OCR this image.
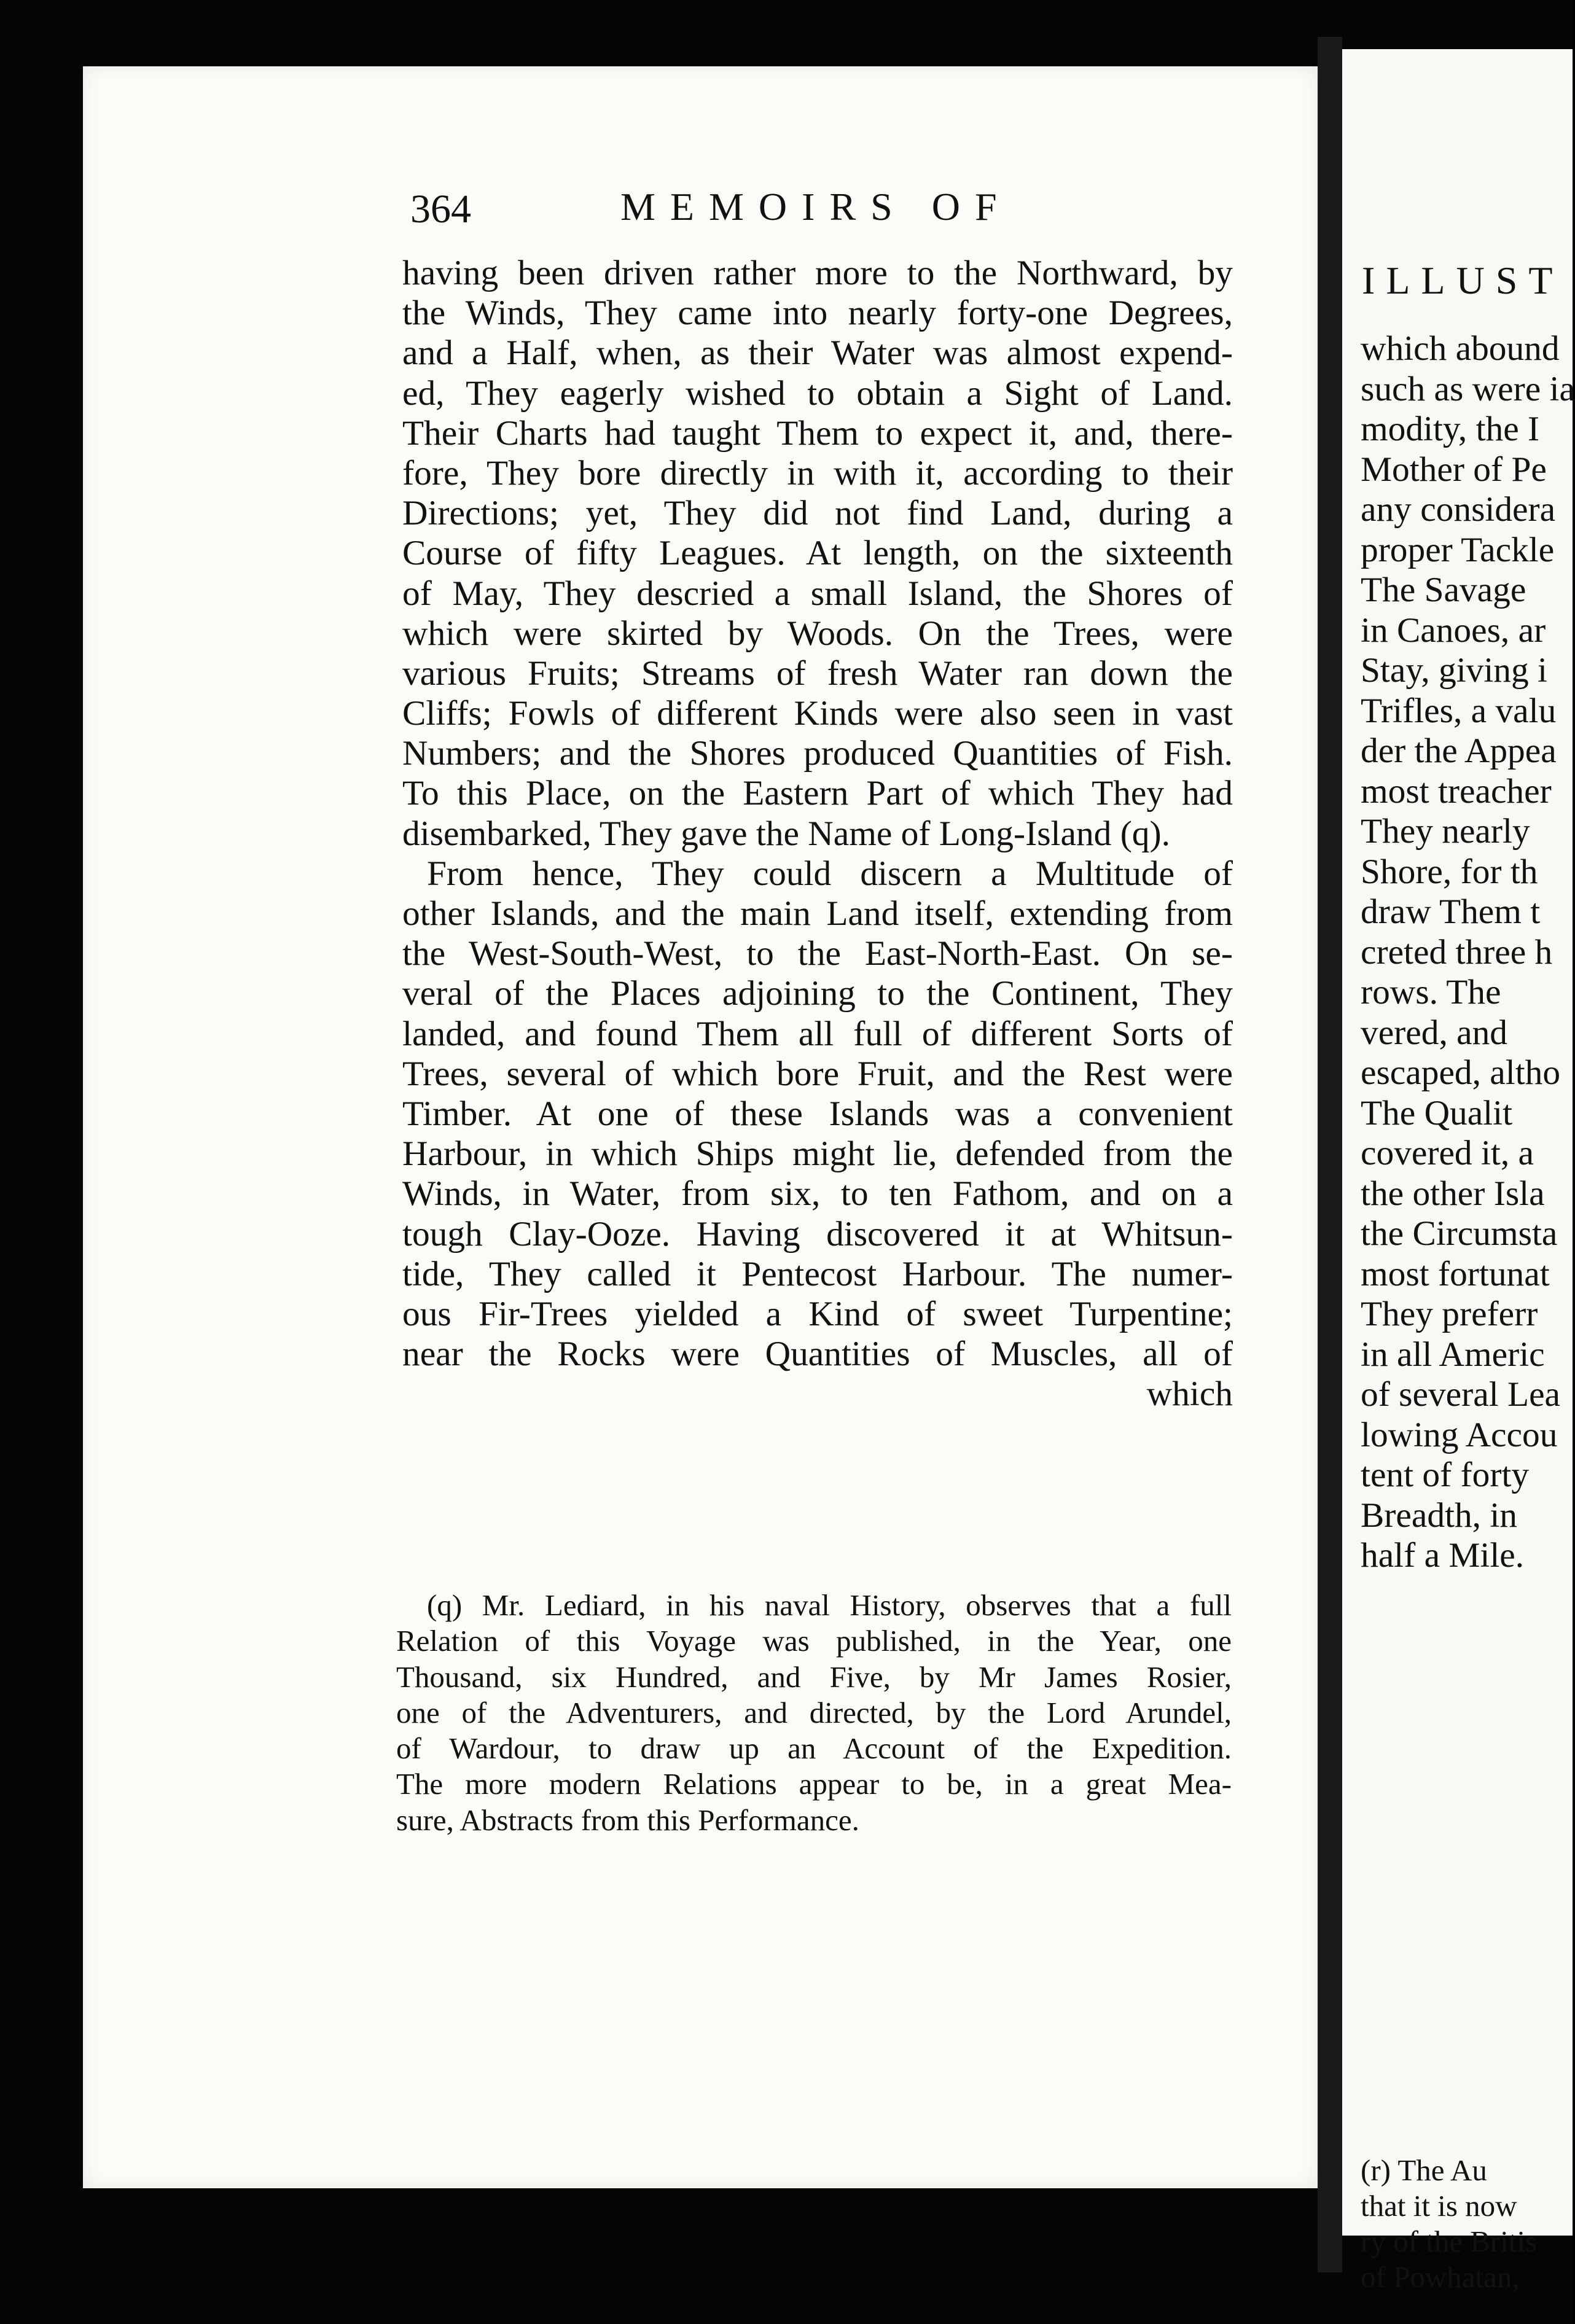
364	MEMOIRS OF
having been driven rather more to the Northward, by
the Winds, They came into nearly forty-one Degrees,
and a Half, when, as their Water was almost expend-
ed, They eagerly wished to obtain a Sight of Land.
Their Charts had taught Them to expect it, and, there-
fore, They bore directly in with it, according to their
Directions; yet, They did not find Land, during a
Course of fifty Leagues. At length, on the sixteenth
of May, They descried a small Island, the Shores of
which were skirted by Woods. On the Trees, were
various Fruits; Streams of fresh Water ran down the
Cliffs; Fowls of different Kinds were also seen in vast
Numbers; and the Shores produced Quantities of Fish.
To this Place, on the Eastern Part of which They had
disembarked, They gave the Name of Long-Island (q).
From hence, They could discern a Multitude of
other Islands, and the main Land itself, extending from
the West-South-West, to the East-North-East. On se-
veral of the Places adjoining to the Continent, They
landed, and found Them all full of different Sorts of
Trees, several of which bore Fruit, and the Rest were
Timber. At one of these Islands was a convenient
Harbour, in which Ships might lie, defended from the
Winds, in Water, from six, to ten Fathom, and on a
tough Clay-Ooze. Having discovered it at Whitsun-
tide, They called it Pentecost Harbour. The numer-
ous Fir-Trees yielded a Kind of sweet Turpentine;
near the Rocks were Quantities of Muscles, all of
which
(q) Mr. Lediard, in his naval History, observes that a full
Relation of this Voyage was published, in the Year, one
Thousand, six Hundred, and Five, by Mr James Rosier,
one of the Adventurers, and directed, by the Lord Arundel,
of Wardour, to draw up an Account of the Expedition.
The more modern Relations appear to be, in a great Mea-
sure, Abstracts from this Performance.
ILLUST
which abound
such as were ia
modity, the I
Mother of Pe
any considera
proper Tackle
The Savage
in Canoes, ar
Stay, giving i
Trifles, a valu
der the Appea
most treacher
They nearly
Shore, for th
draw Them t
creted three h
rows. The
vered, and
escaped, altho
The Qualit
covered it, a
the other Isla
the Circumsta
most fortunat
They preferr
in all Americ
of several Lea
lowing Accou
tent of forty
Breadth, in
half a Mile.
(r) The Au
that it is now
ry of the Britis
of Powhatan,
